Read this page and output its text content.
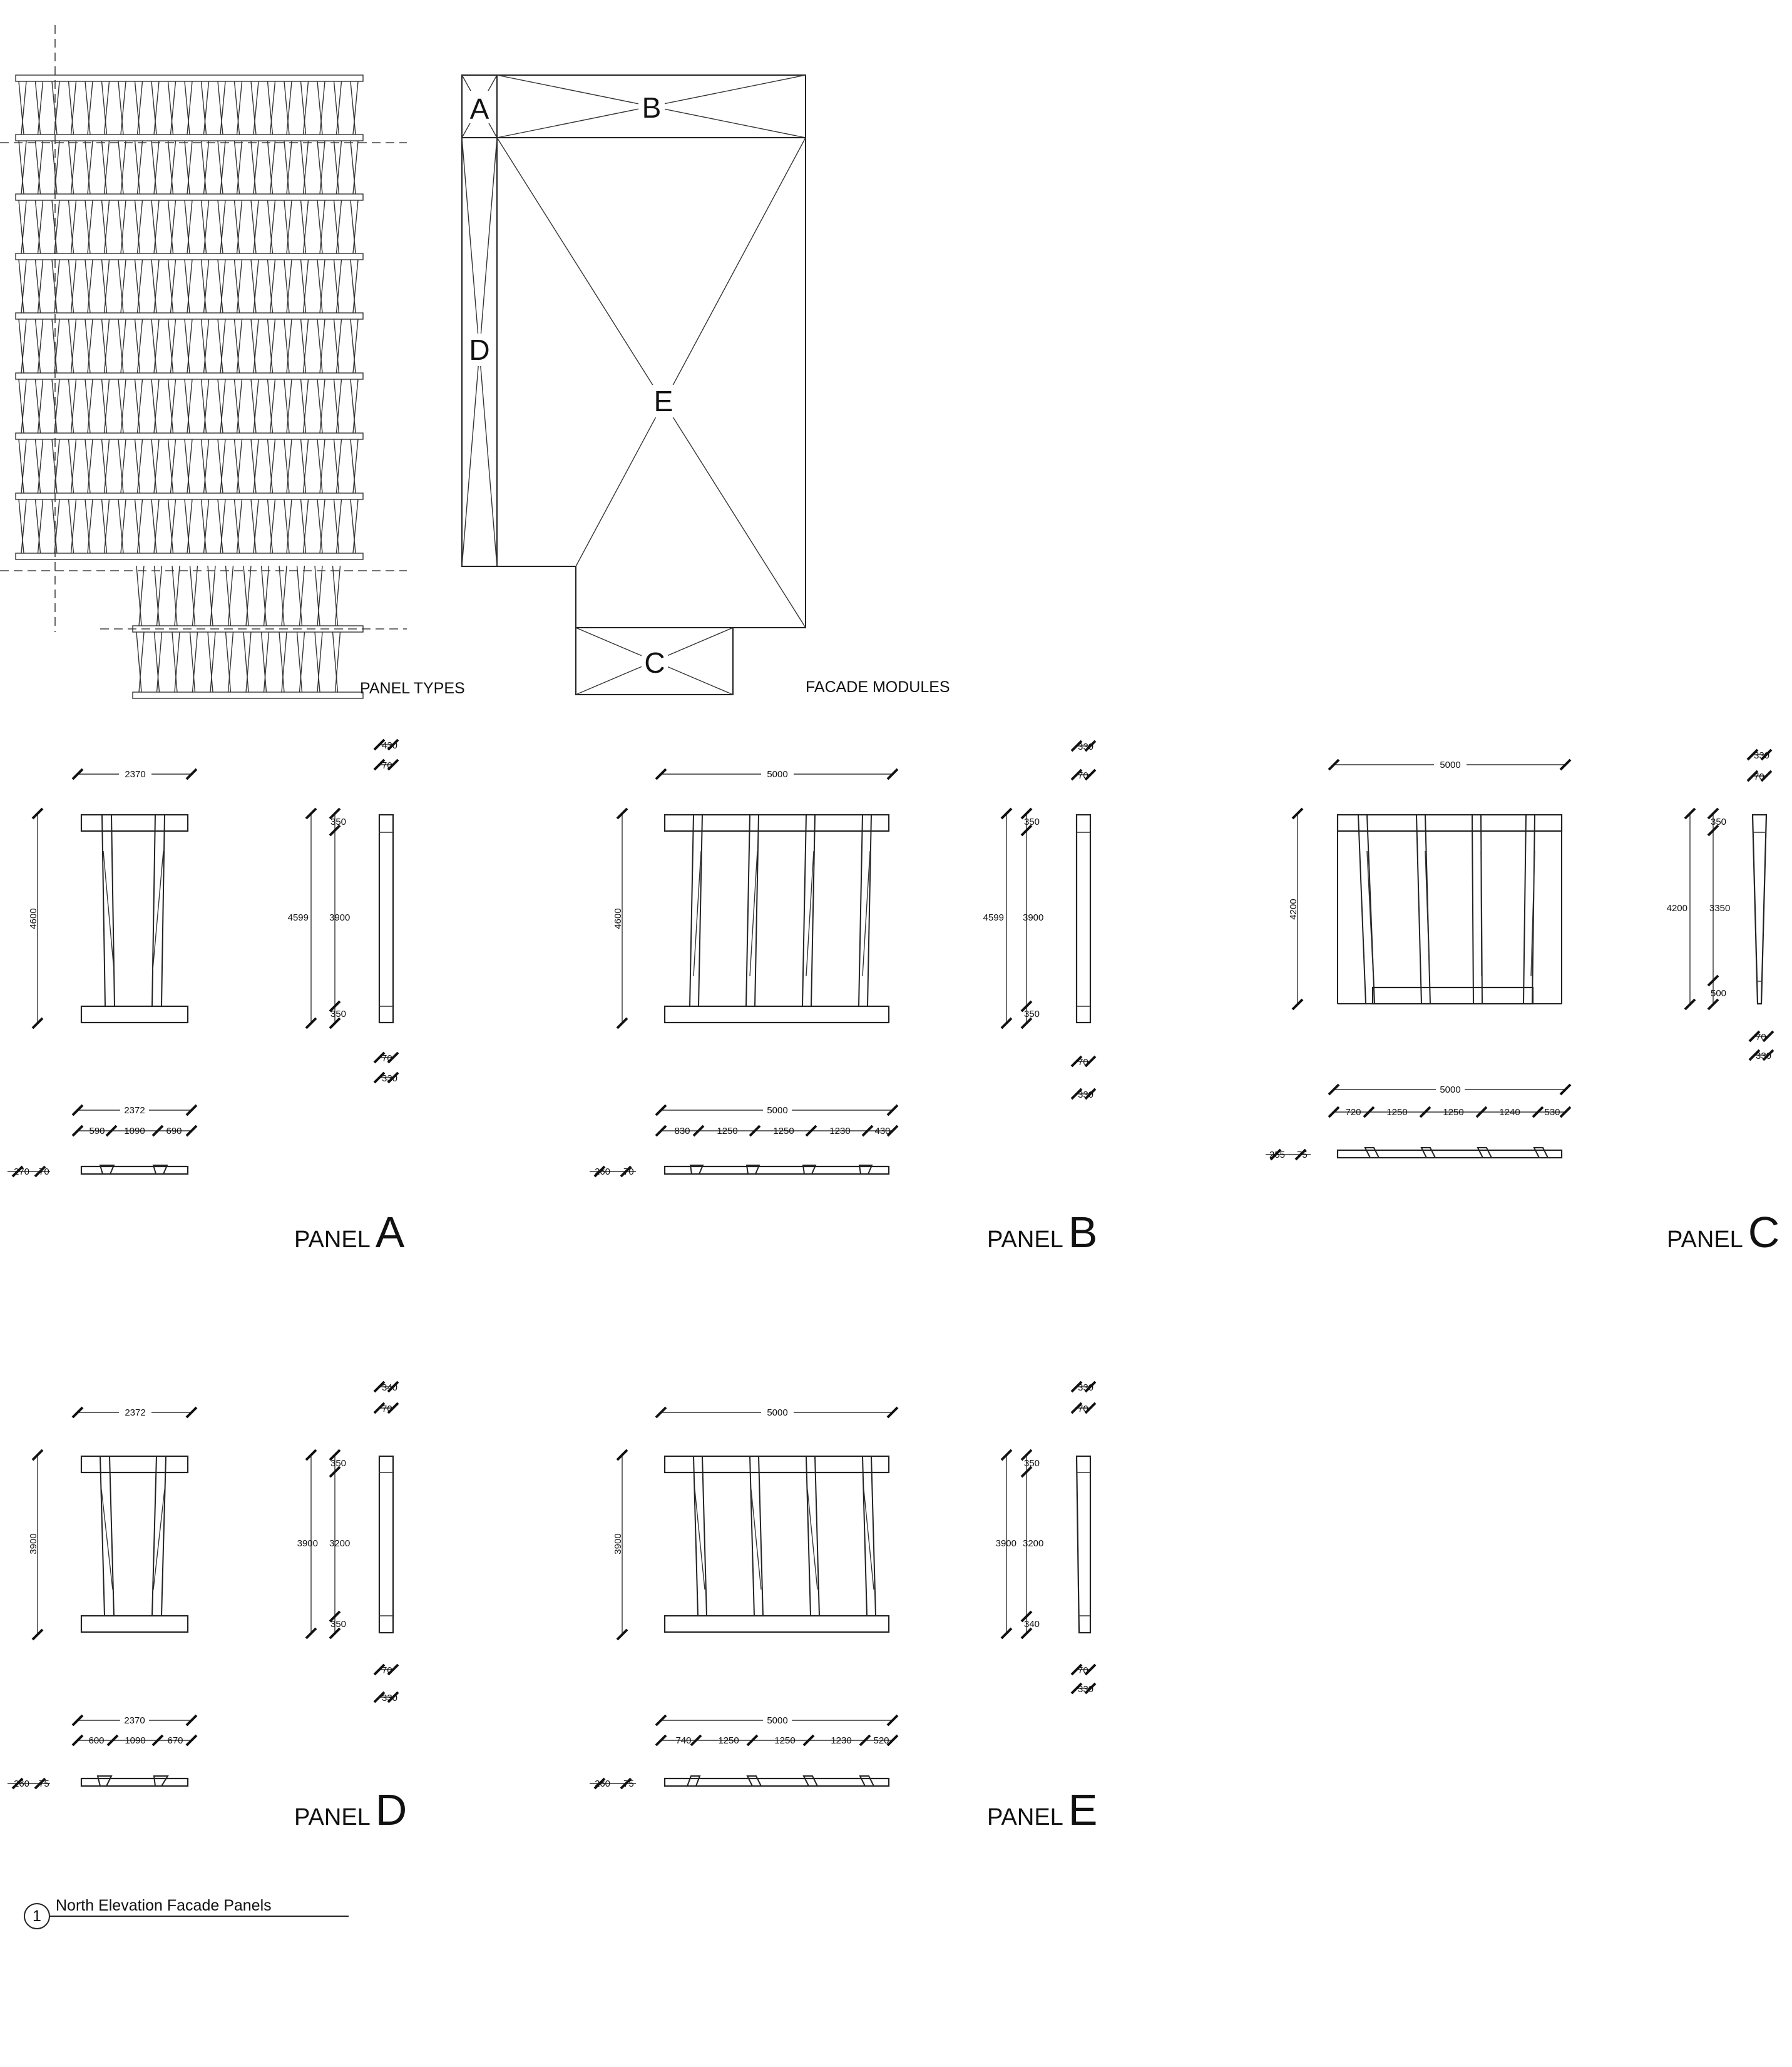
PANEL TYPES
A	B
C
D
E
FACADE MODULES
2370
4600	4599
350
3900
350
430
70
70
330
2372
590 1090 690
270 70
PANEL A
5000
4600	4599
350
3900
350
330
70
70
330
5000
830	1250	1250	1230	430
260 70
PANEL B
5000
4200	4200
350
3350
500
330
70
70
330
5000
720	1250	1250	1240	530
255 75
PANEL C
2372
3900	3900
350
3200
350
340
70
70
330
2370
600 1090 670
260 75
PANEL D
5000
3900	3900
350
3200
340
330
70
70
330
5000
740	1250	1250	1230 520
260 75
PANEL E
1
North Elevation Facade Panels
